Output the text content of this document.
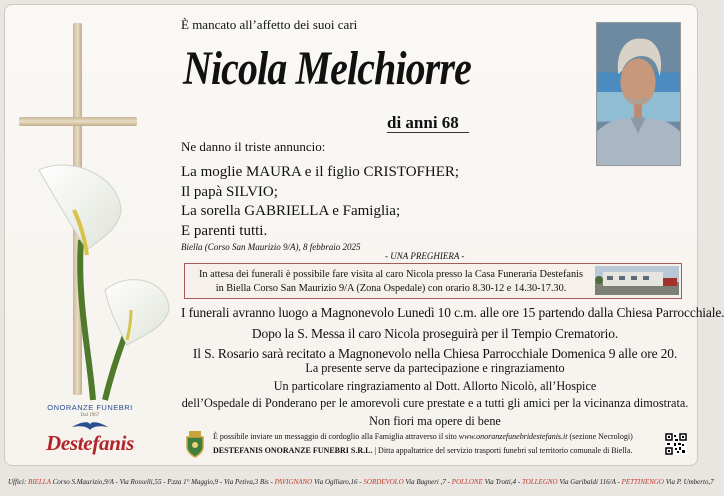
ONORANZE FUNEBRI
Dal 1967
Destefanis
È mancato all’affetto dei suoi cari
Nicola Melchiorre
di anni 68
Ne danno il triste annuncio:
La moglie MAURA e il figlio CRISTOFHER;
Il papà SILVIO;
La sorella GABRIELLA e Famiglia;
E parenti tutti.
Biella (Corso San Maurizio 9/A), 8 febbraio 2025
- UNA PREGHIERA -
In attesa dei funerali è possibile fare visita al caro Nicola presso la Casa Funeraria Destefanis
in Biella Corso San Maurizio 9/A (Zona Ospedale) con orario 8.30-12 e 14.30-17.30.

I funerali avranno luogo a Magnonevolo Lunedì 10 c.m. alle ore 15 partendo dalla Chiesa Parrocchiale.

Dopo la S. Messa il caro Nicola proseguirà per il Tempio Crematorio.

Il S. Rosario sarà recitato a Magnonevolo nella Chiesa Parrocchiale Domenica 9 alle ore 20.

La presente serve da partecipazione e ringraziamento

Un particolare ringraziamento al Dott. Allorto Nicolò, all’Hospice

dell’Ospedale di Ponderano per le amorevoli cure prestate e a tutti gli amici per la vicinanza dimostrata.

Non fiori ma opere di bene

È possibile inviare un messaggio di cordoglio alla Famiglia attraverso il sito www.onoranzefunebridestefanis.it (sezione Necrologi)
DESTEFANIS ONORANZE FUNEBRI S.R.L. | Ditta appaltatrice del servizio trasporti funebri sul territorio comunale di Biella.
Uffici: BIELLA Corso S.Maurizio,9/A - Via Rosselli,55 - P.zza 1° Maggio,9 - Via Petiva,3 Bis - PAVIGNANO Via Oglliaro,16 - SORDEVOLO Via Bagneri ,7 - POLLONE Via Trotti,4 - TOLLEGNO Via Garibaldi 116/A - PETTINENGO Via P. Umberto,7
